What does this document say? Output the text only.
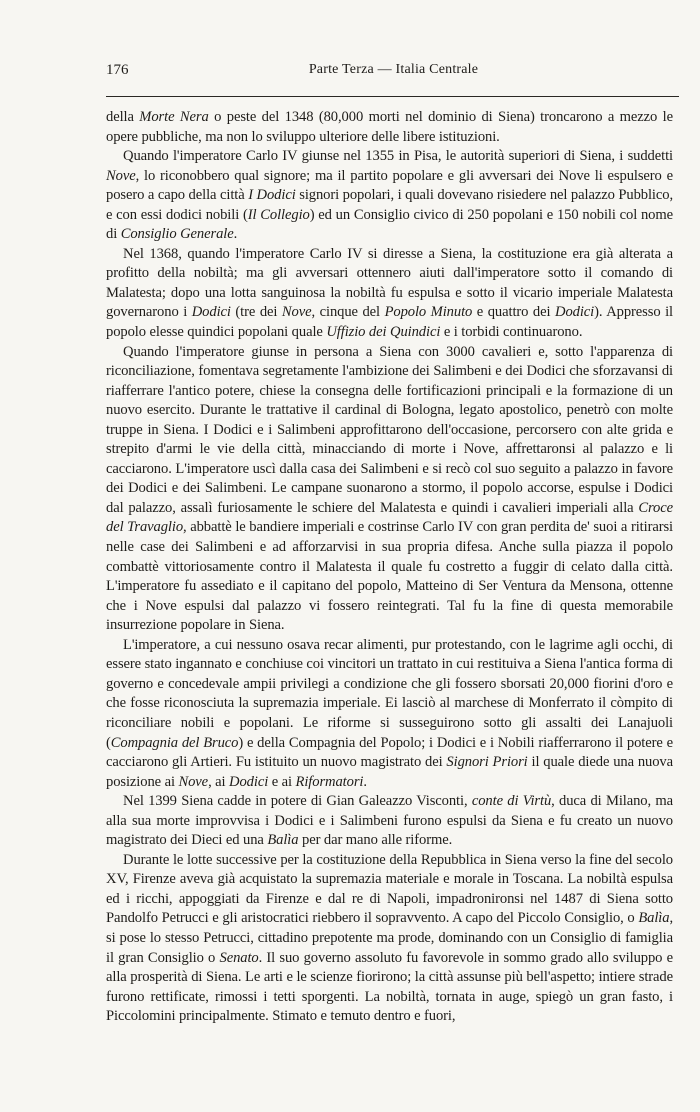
176	Parte Terza — Italia Centrale

della Morte Nera o peste del 1348 (80,000 morti nel dominio di Siena) troncarono a mezzo le opere pubbliche, ma non lo sviluppo ulteriore delle libere istituzioni.

Quando l'imperatore Carlo IV giunse nel 1355 in Pisa, le autorità superiori di Siena, i suddetti Nove, lo riconobbero qual signore; ma il partito popolare e gli avversari dei Nove li espulsero e posero a capo della città I Dodici signori popolari, i quali dovevano risiedere nel palazzo Pubblico, e con essi dodici nobili (Il Collegio) ed un Consiglio civico di 250 popolani e 150 nobili col nome di Consiglio Generale.

Nel 1368, quando l'imperatore Carlo IV si diresse a Siena, la costituzione era già alterata a profitto della nobiltà; ma gli avversari ottennero aiuti dall'imperatore sotto il comando di Malatesta; dopo una lotta sanguinosa la nobiltà fu espulsa e sotto il vicario imperiale Malatesta governarono i Dodici (tre dei Nove, cinque del Popolo Minuto e quattro dei Dodici). Appresso il popolo elesse quindici popolani quale Uffizio dei Quindici e i torbidi continuarono.

Quando l'imperatore giunse in persona a Siena con 3000 cavalieri e, sotto l'apparenza di riconciliazione, fomentava segretamente l'ambizione dei Salimbeni e dei Dodici che sforzavansi di riafferrare l'antico potere, chiese la consegna delle fortificazioni principali e la formazione di un nuovo esercito. Durante le trattative il cardinal di Bologna, legato apostolico, penetrò con molte truppe in Siena. I Dodici e i Salimbeni approfittarono dell'occasione, percorsero con alte grida e strepito d'armi le vie della città, minacciando di morte i Nove, affrettaronsi al palazzo e li cacciarono. L'imperatore uscì dalla casa dei Salimbeni e si recò col suo seguito a palazzo in favore dei Dodici e dei Salimbeni. Le campane suonarono a stormo, il popolo accorse, espulse i Dodici dal palazzo, assalì furiosamente le schiere del Malatesta e quindi i cavalieri imperiali alla Croce del Travaglio, abbattè le bandiere imperiali e costrinse Carlo IV con gran perdita de' suoi a ritirarsi nelle case dei Salimbeni e ad afforzarvisi in sua propria difesa. Anche sulla piazza il popolo combattè vittoriosamente contro il Malatesta il quale fu costretto a fuggir di celato dalla città. L'imperatore fu assediato e il capitano del popolo, Matteino di Ser Ventura da Mensona, ottenne che i Nove espulsi dal palazzo vi fossero reintegrati. Tal fu la fine di questa memorabile insurrezione popolare in Siena.

L'imperatore, a cui nessuno osava recar alimenti, pur protestando, con le lagrime agli occhi, di essere stato ingannato e conchiuse coi vincitori un trattato in cui restituiva a Siena l'antica forma di governo e concedevale ampii privilegi a condizione che gli fossero sborsati 20,000 fiorini d'oro e che fosse riconosciuta la supremazia imperiale. Ei lasciò al marchese di Monferrato il còmpito di riconciliare nobili e popolani. Le riforme si susseguirono sotto gli assalti dei Lanajuoli (Compagnia del Bruco) e della Compagnia del Popolo; i Dodici e i Nobili riafferrarono il potere e cacciarono gli Artieri. Fu istituito un nuovo magistrato dei Signori Priori il quale diede una nuova posizione ai Nove, ai Dodici e ai Riformatori.

Nel 1399 Siena cadde in potere di Gian Galeazzo Visconti, conte di Virtù, duca di Milano, ma alla sua morte improvvisa i Dodici e i Salimbeni furono espulsi da Siena e fu creato un nuovo magistrato dei Dieci ed una Balìa per dar mano alle riforme.

Durante le lotte successive per la costituzione della Repubblica in Siena verso la fine del secolo XV, Firenze aveva già acquistato la supremazia materiale e morale in Toscana. La nobiltà espulsa ed i ricchi, appoggiati da Firenze e dal re di Napoli, impadronironsi nel 1487 di Siena sotto Pandolfo Petrucci e gli aristocratici riebbero il sopravvento. A capo del Piccolo Consiglio, o Balìa, si pose lo stesso Petrucci, cittadino prepotente ma prode, dominando con un Consiglio di famiglia il gran Consiglio o Senato. Il suo governo assoluto fu favorevole in sommo grado allo sviluppo e alla prosperità di Siena. Le arti e le scienze fiorirono; la città assunse più bell'aspetto; intiere strade furono rettificate, rimossi i tetti sporgenti. La nobiltà, tornata in auge, spiegò un gran fasto, i Piccolomini principalmente. Stimato e temuto dentro e fuori,
